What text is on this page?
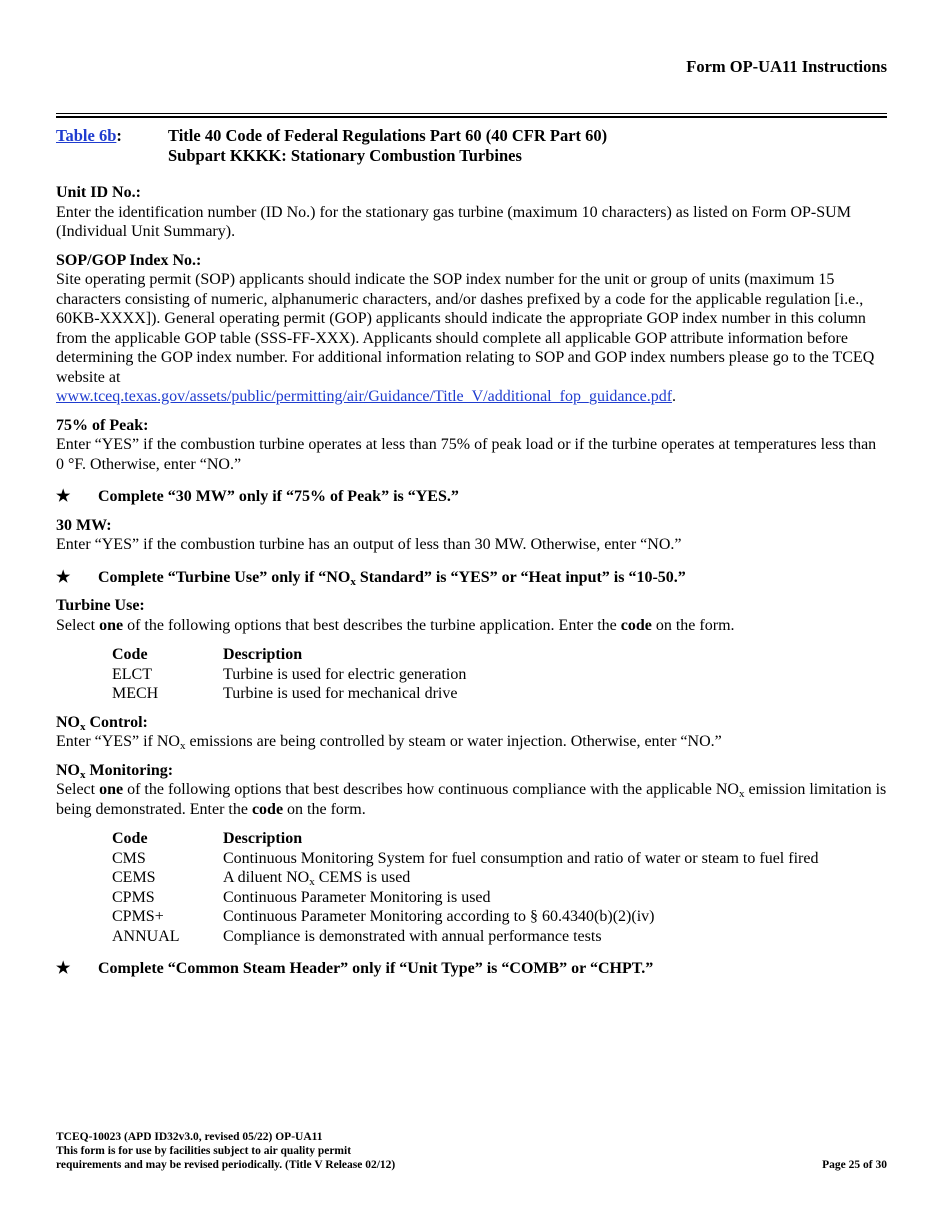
Form OP-UA11 Instructions
Table 6b:	Title 40 Code of Federal Regulations Part 60 (40 CFR Part 60)
Subpart KKKK: Stationary Combustion Turbines
Unit ID No.:

Enter the identification number (ID No.) for the stationary gas turbine (maximum 10 characters) as listed on Form OP-SUM (Individual Unit Summary).

SOP/GOP Index No.:

Site operating permit (SOP) applicants should indicate the SOP index number for the unit or group of units (maximum 15 characters consisting of numeric, alphanumeric characters, and/or dashes prefixed by a code for the applicable regulation [i.e., 60KB-XXXX]). General operating permit (GOP) applicants should indicate the appropriate GOP index number in this column from the applicable GOP table (SSS-FF-XXX). Applicants should complete all applicable GOP attribute information before determining the GOP index number. For additional information relating to SOP and GOP index numbers please go to the TCEQ website at
www.tceq.texas.gov/assets/public/permitting/air/Guidance/Title_V/additional_fop_guidance.pdf.

75% of Peak:

Enter “YES” if the combustion turbine operates at less than 75% of peak load or if the turbine operates at temperatures less than 0 °F. Otherwise, enter “NO.”

★	Complete “30 MW” only if “75% of Peak” is “YES.”
30 MW:

Enter “YES” if the combustion turbine has an output of less than 30 MW. Otherwise, enter “NO.”

★	Complete “Turbine Use” only if “$NO_x$ Standard” is “YES” or “Heat input” is “10-50.”
Turbine Use:

Select one of the following options that best describes the turbine application. Enter the code on the form.

Code	Description
ELCT	Turbine is used for electric generation
MECH	Turbine is used for mechanical drive
$NO_x$ Control:

Enter “YES” if $NO_x$ emissions are being controlled by steam or water injection. Otherwise, enter “NO.”

$NO_x$ Monitoring:

Select one of the following options that best describes how continuous compliance with the applicable $NO_x$ emission limitation is being demonstrated. Enter the code on the form.

Code	Description
CMS	Continuous Monitoring System for fuel consumption and ratio of water or steam to fuel fired
CEMS	A diluent $NO_x$ CEMS is used
CPMS	Continuous Parameter Monitoring is used
CPMS+	Continuous Parameter Monitoring according to § 60.4340(b)(2)(iv)
ANNUAL	Compliance is demonstrated with annual performance tests
★	Complete “Common Steam Header” only if “Unit Type” is “COMB” or “CHPT.”
TCEQ-10023 (APD ID32v3.0, revised 05/22) OP-UA11
This form is for use by facilities subject to air quality permit
requirements and may be revised periodically. (Title V Release 02/12)	Page 25 of 30
